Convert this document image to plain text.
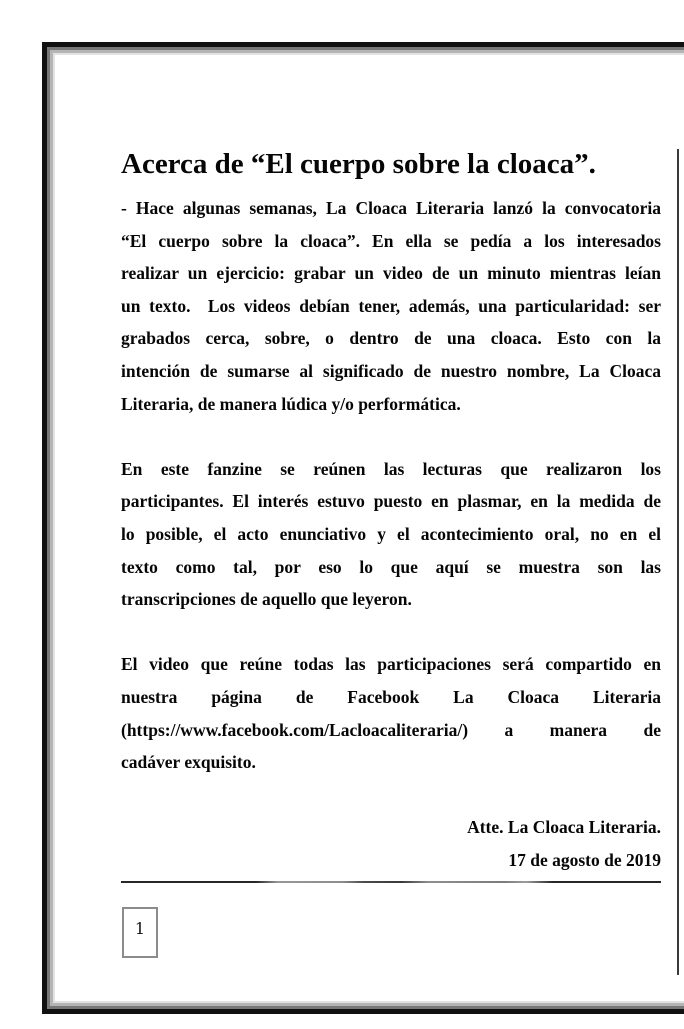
Acerca de “El cuerpo sobre la cloaca”.
- Hace algunas semanas, La Cloaca Literaria lanzó la convocatoria
“El cuerpo sobre la cloaca”. En ella se pedía a los interesados
realizar un ejercicio: grabar un video de un minuto mientras leían
un texto.  Los videos debían tener, además, una particularidad: ser
grabados cerca, sobre, o dentro de una cloaca. Esto con la
intención de sumarse al significado de nuestro nombre, La Cloaca
Literaria, de manera lúdica y/o performática.
En este fanzine se reúnen las lecturas que realizaron los
participantes. El interés estuvo puesto en plasmar, en la medida de
lo posible, el acto enunciativo y el acontecimiento oral, no en el
texto como tal, por eso lo que aquí se muestra son las
transcripciones de aquello que leyeron.
El video que reúne todas las participaciones será compartido en
nuestra página de Facebook La Cloaca Literaria
(https://www.facebook.com/Lacloacaliteraria/) a manera de
cadáver exquisito.
Atte. La Cloaca Literaria.
17 de agosto de 2019
1
